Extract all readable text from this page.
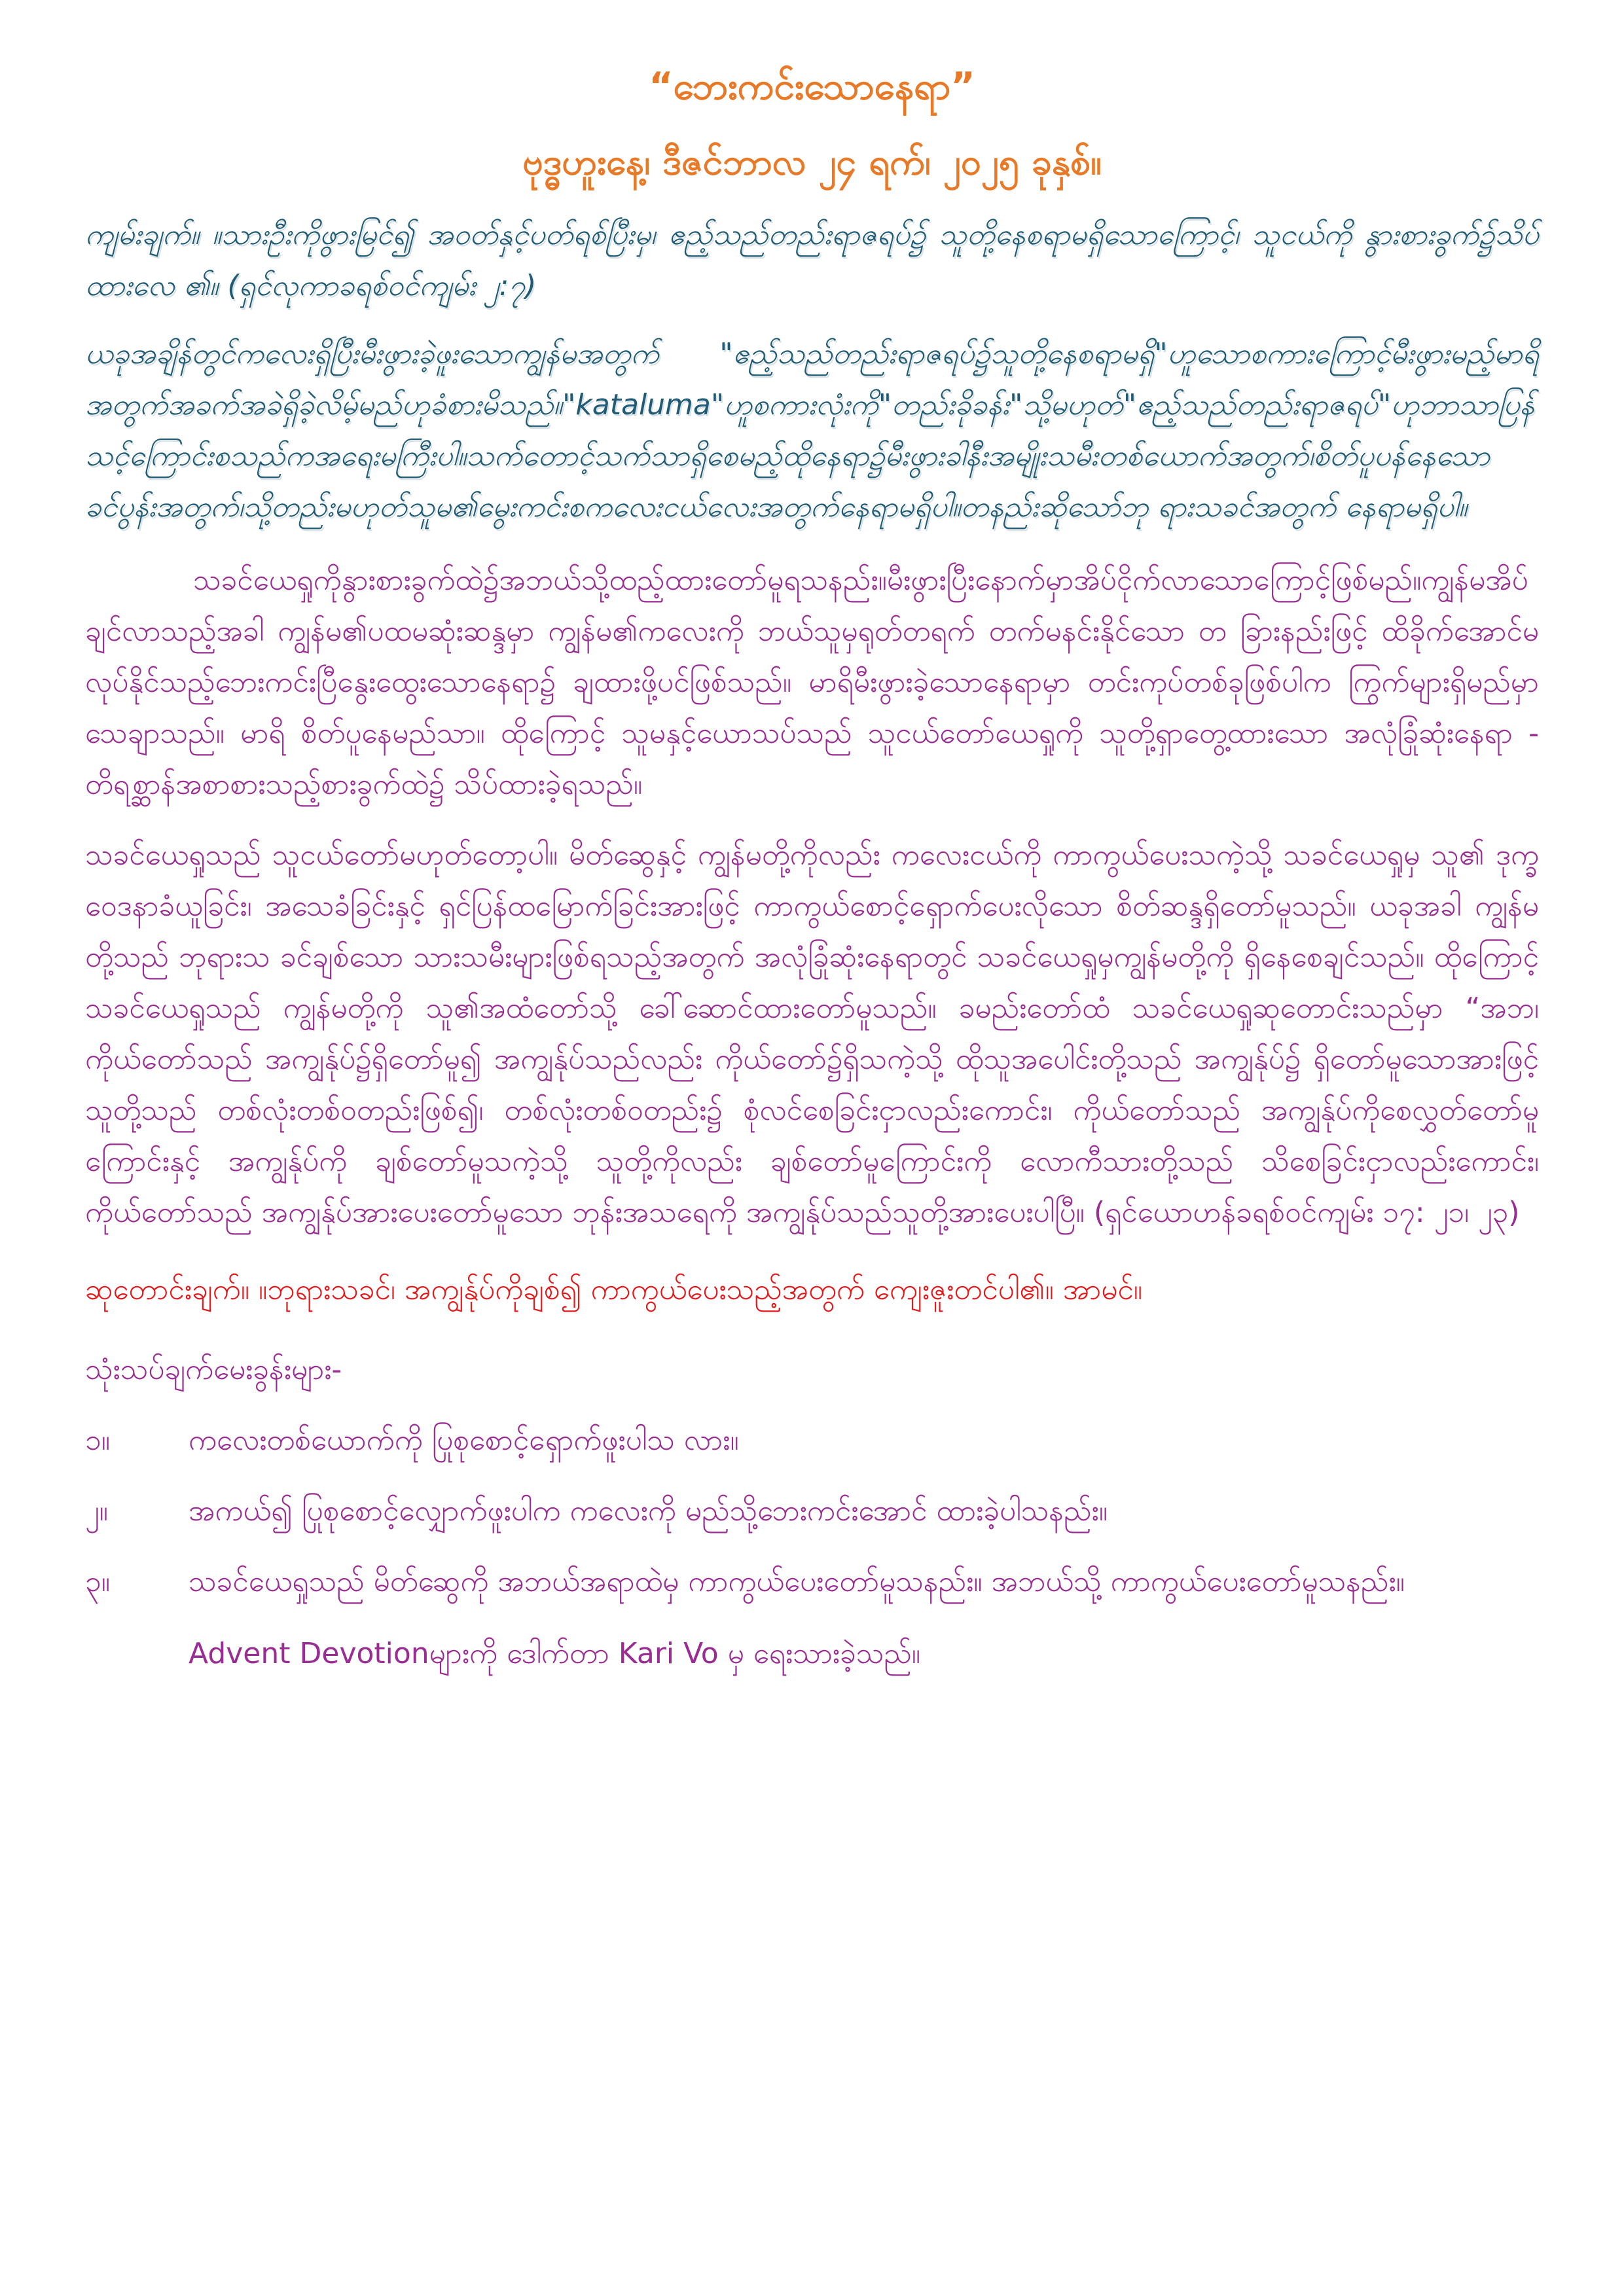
“ဘေးကင်းသောနေရာ”
ဗုဒ္ဓဟူးနေ့၊ ဒီဇင်ဘာလ ၂၄ ရက်၊ ၂၀၂၅ ခုနှစ်။
ကျမ်းချက်။ ။သားဦးကိုဖွားမြင်၍ အဝတ်နှင့်ပတ်ရစ်ပြီးမှ၊ ဧည့်သည်တည်းရာဇရပ်၌ သူတို့နေစရာမရှိသောကြောင့်၊ သူငယ်ကို နွားစားခွက်၌သိပ် ထားလေ ၏။ (ရှင်လုကာခရစ်ဝင်ကျမ်း ၂:၇)
ယခုအချိန်တွင်ကလေးရှိပြီးမီးဖွားခဲ့ဖူးသောကျွန်မအတွက် "ဧည့်သည်တည်းရာဇရပ်၌သူတို့နေစရာမရှိ"ဟူသောစကားကြောင့်မီးဖွားမည့်မာရိအတွက်အခက်အခဲရှိခဲ့လိမ့်မည်ဟုခံစားမိသည်။"kataluma"ဟူစကားလုံးကို"တည်းခိုခန်း"သို့မဟုတ်"ဧည့်သည်တည်းရာဇရပ်"ဟုဘာသာပြန်သင့်ကြောင်းစသည်ကအရေးမကြီးပါ။သက်တောင့်သက်သာရှိစေမည့်ထိုနေရာ၌မီးဖွားခါနီးအမျိုးသမီးတစ်ယောက်အတွက်၊စိတ်ပူပန်နေသောခင်ပွန်းအတွက်၊သို့တည်းမဟုတ်သူမ၏မွေးကင်းစကလေးငယ်လေးအတွက်နေရာမရှိပါ။တနည်းဆိုသော်ဘု ရားသခင်အတွက် နေရာမရှိပါ။
သခင်ယေရှုကိုနွားစားခွက်ထဲ၌အဘယ်သို့ထည့်ထားတော်မူရသနည်း။မီးဖွားပြီးနောက်မှာအိပ်ငိုက်လာသောကြောင့်ဖြစ်မည်။ကျွန်မအိပ်ချင်လာသည့်အခါ ကျွန်မ၏ပထမဆုံးဆန္ဒမှာ ကျွန်မ၏ကလေးကို ဘယ်သူမှရုတ်တရက် တက်မနင်းနိုင်သော တ ခြားနည်းဖြင့် ထိခိုက်အောင်မလုပ်နိုင်သည့်ဘေးကင်းပြီနွေးထွေးသောနေရာ၌ ချထားဖို့ပင်ဖြစ်သည်။ မာရိမီးဖွားခဲ့သောနေရာမှာ တင်းကုပ်တစ်ခုဖြစ်ပါက ကြွက်များရှိမည်မှာသေချာသည်။ မာရိ စိတ်ပူနေမည်သာ။ ထိုကြောင့် သူမနှင့်ယောသပ်သည် သူငယ်တော်ယေရှုကို သူတို့ရှာတွေ့ထားသော အလုံခြုံဆုံးနေရာ - တိရစ္ဆာန်အစာစားသည့်စားခွက်ထဲ၌ သိပ်ထားခဲ့ရသည်။
သခင်ယေရှုသည် သူငယ်တော်မဟုတ်တော့ပါ။ မိတ်ဆွေနှင့် ကျွန်မတို့ကိုလည်း ကလေးငယ်ကို ကာကွယ်ပေးသကဲ့သို့ သခင်ယေရှုမှ သူ၏ ဒုက္ခဝေဒနာခံယူခြင်း၊ အသေခံခြင်းနှင့် ရှင်ပြန်ထမြောက်ခြင်းအားဖြင့် ကာကွယ်စောင့်ရှောက်ပေးလိုသော စိတ်ဆန္ဒရှိတော်မူသည်။ ယခုအခါ ကျွန်မတို့သည် ဘုရားသ ခင်ချစ်သော သားသမီးများဖြစ်ရသည့်အတွက် အလုံခြုံဆုံးနေရာတွင် သခင်ယေရှုမှကျွန်မတို့ကို ရှိနေစေချင်သည်။ ထိုကြောင့် သခင်ယေရှုသည် ကျွန်မတို့ကို သူ၏အထံတော်သို့ ခေါ်ဆောင်ထားတော်မူသည်။ ခမည်းတော်ထံ သခင်ယေရှုဆုတောင်းသည်မှာ “အဘ၊ ကိုယ်တော်သည် အကျွန်ုပ်၌ရှိတော်မူ၍ အကျွန်ုပ်သည်လည်း ကိုယ်တော်၌ရှိသကဲ့သို့ ထိုသူအပေါင်းတို့သည် အကျွန်ုပ်၌ ရှိတော်မူသောအားဖြင့် သူတို့သည် တစ်လုံးတစ်ဝတည်းဖြစ်၍၊ တစ်လုံးတစ်ဝတည်း၌ စုံလင်စေခြင်းငှာလည်းကောင်း၊ ကိုယ်တော်သည် အကျွန်ုပ်ကိုစေလွှတ်တော်မူကြောင်းနှင့် အကျွန်ုပ်ကို ချစ်တော်မူသကဲ့သို့ သူတို့ကိုလည်း ချစ်တော်မူကြောင်းကို လောကီသားတို့သည် သိစေခြင်းငှာလည်းကောင်း၊ ကိုယ်တော်သည် အကျွန်ုပ်အားပေးတော်မူသော ဘုန်းအသရေကို အကျွန်ုပ်သည်သူတို့အားပေးပါပြီ။ (ရှင်ယောဟန်ခရစ်ဝင်ကျမ်း ၁၇: ၂၁၊ ၂၃)
ဆုတောင်းချက်။ ။ဘုရားသခင်၊ အကျွန်ုပ်ကိုချစ်၍ ကာကွယ်ပေးသည့်အတွက် ကျေးဇူးတင်ပါ၏။ အာမင်။
သုံးသပ်ချက်မေးခွန်းများ-
၁။	ကလေးတစ်ယောက်ကို ပြုစုစောင့်ရှောက်ဖူးပါသ လား။
၂။	အကယ်၍ ပြုစုစောင့်လျှောက်ဖူးပါက ကလေးကို မည်သို့ဘေးကင်းအောင် ထားခဲ့ပါသနည်း။
၃။	သခင်ယေရှုသည် မိတ်ဆွေကို အဘယ်အရာထဲမှ ကာကွယ်ပေးတော်မူသနည်း။ အဘယ်သို့ ကာကွယ်ပေးတော်မူသနည်း။
Advent Devotionများကို ဒေါက်တာ Kari Vo မှ ရေးသားခဲ့သည်။
